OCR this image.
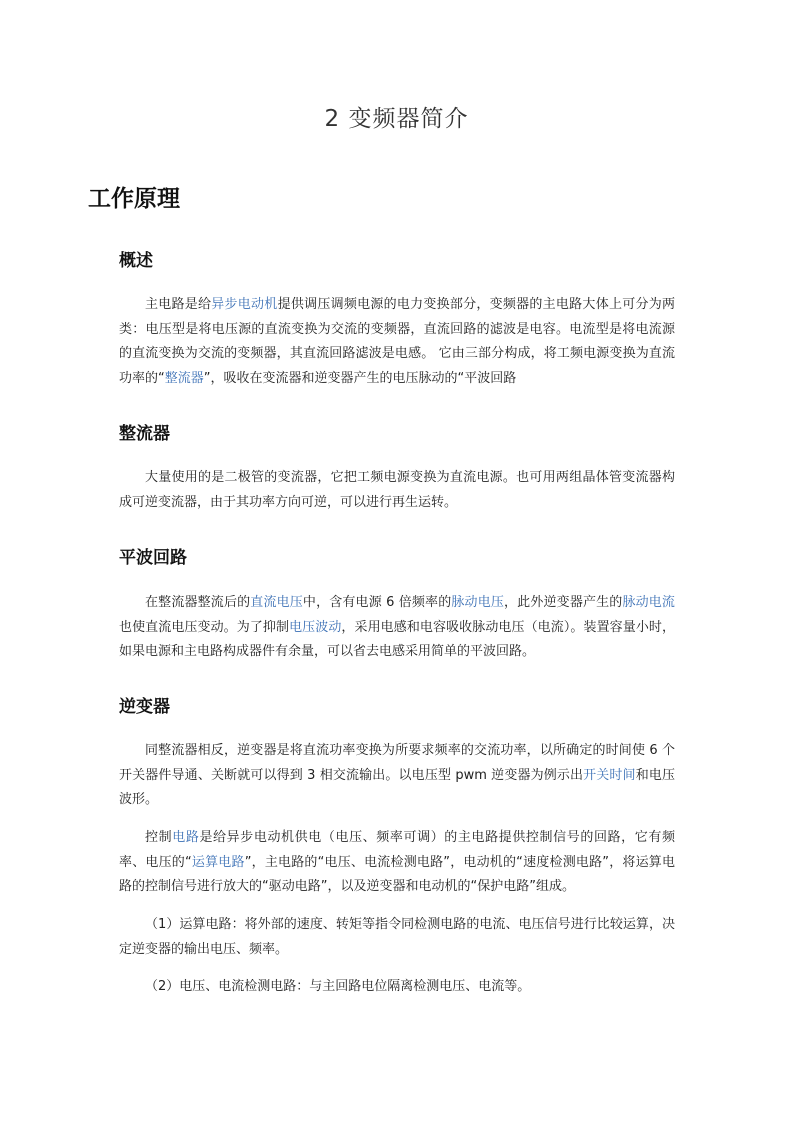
2 变频器简介
工作原理
概述

主电路是给异步电动机提供调压调频电源的电力变换部分，变频器的主电路大体上可分为两类：电压型是将电压源的直流变换为交流的变频器，直流回路的滤波是电容。电流型是将电流源的直流变换为交流的变频器，其直流回路滤波是电感。 它由三部分构成，将工频电源变换为直流功率的“整流器”，吸收在变流器和逆变器产生的电压脉动的“平波回路

整流器

大量使用的是二极管的变流器，它把工频电源变换为直流电源。也可用两组晶体管变流器构成可逆变流器，由于其功率方向可逆，可以进行再生运转。

平波回路

在整流器整流后的直流电压中，含有电源 6 倍频率的脉动电压，此外逆变器产生的脉动电流也使直流电压变动。为了抑制电压波动，采用电感和电容吸收脉动电压（电流）。装置容量小时，如果电源和主电路构成器件有余量，可以省去电感采用简单的平波回路。

逆变器

同整流器相反，逆变器是将直流功率变换为所要求频率的交流功率，以所确定的时间使 6 个开关器件导通、关断就可以得到 3 相交流输出。以电压型 pwm 逆变器为例示出开关时间和电压波形。

控制电路是给异步电动机供电（电压、频率可调）的主电路提供控制信号的回路，它有频率、电压的“运算电路”，主电路的“电压、电流检测电路”，电动机的“速度检测电路”，将运算电路的控制信号进行放大的“驱动电路”，以及逆变器和电动机的“保护电路”组成。

（1）运算电路：将外部的速度、转矩等指令同检测电路的电流、电压信号进行比较运算，决定逆变器的输出电压、频率。

（2）电压、电流检测电路：与主回路电位隔离检测电压、电流等。
